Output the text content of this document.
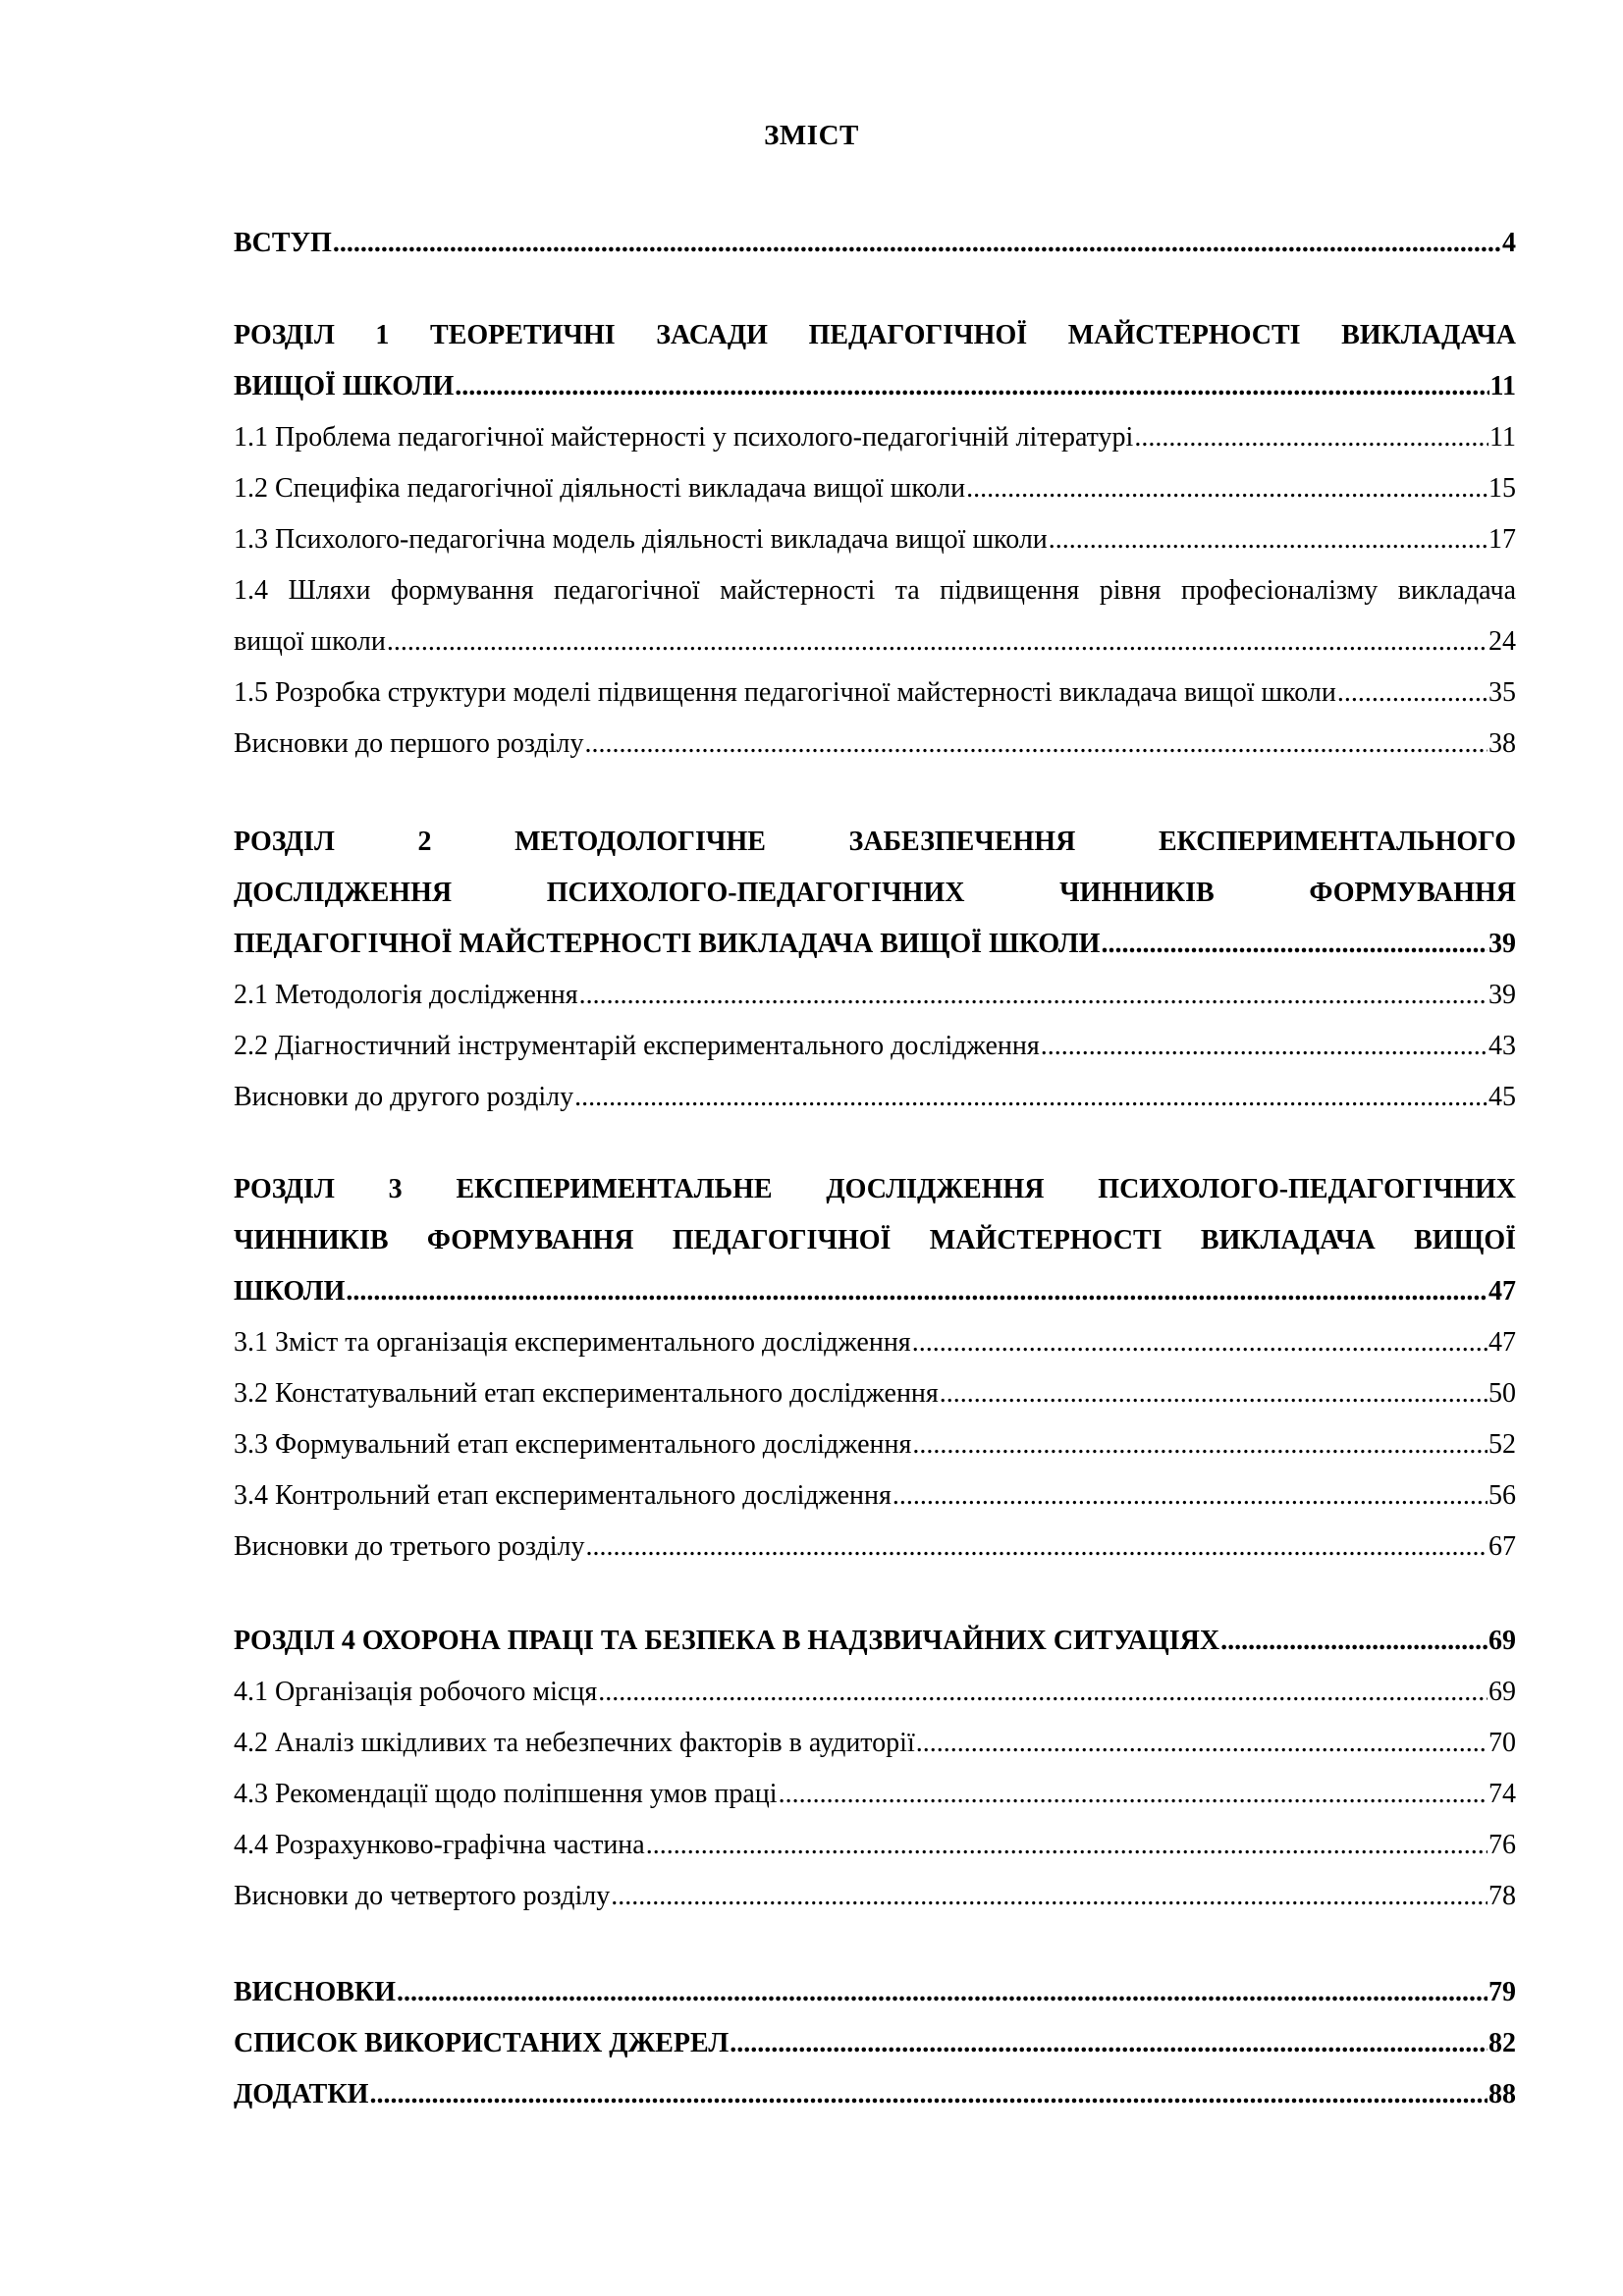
ЗМІСТ
ВСТУП .....	4
РОЗДІЛ 1 ТЕОРЕТИЧНІ ЗАСАДИ ПЕДАГОГІЧНОЇ МАЙСТЕРНОСТІ ВИКЛАДАЧА
ВИЩОЇ ШКОЛИ .....	11
1.1 Проблема педагогічної майстерності у психолого-педагогічній літературі .....	11
1.2 Специфіка педагогічної діяльності викладача вищої школи .....	15
1.3 Психолого-педагогічна модель діяльності викладача вищої школи .....	17
1.4 Шляхи формування педагогічної майстерності та підвищення рівня професіоналізму викладача
вищої школи .....	24
1.5 Розробка структури моделі підвищення педагогічної майстерності викладача вищої школи .....	35
Висновки до першого розділу .....	38
РОЗДІЛ 2 МЕТОДОЛОГІЧНЕ ЗАБЕЗПЕЧЕННЯ ЕКСПЕРИМЕНТАЛЬНОГО
ДОСЛІДЖЕННЯ ПСИХОЛОГО-ПЕДАГОГІЧНИХ ЧИННИКІВ ФОРМУВАННЯ
ПЕДАГОГІЧНОЇ МАЙСТЕРНОСТІ ВИКЛАДАЧА ВИЩОЇ ШКОЛИ .....	39
2.1 Методологія дослідження .....	39
2.2 Діагностичний інструментарій експериментального дослідження .....	43
Висновки до другого розділу .....	45
РОЗДІЛ 3 ЕКСПЕРИМЕНТАЛЬНЕ ДОСЛІДЖЕННЯ ПСИХОЛОГО-ПЕДАГОГІЧНИХ
ЧИННИКІВ ФОРМУВАННЯ ПЕДАГОГІЧНОЇ МАЙСТЕРНОСТІ ВИКЛАДАЧА ВИЩОЇ
ШКОЛИ .....	47
3.1 Зміст та організація експериментального дослідження .....	47
3.2 Констатувальний етап експериментального дослідження .....	50
3.3 Формувальний етап експериментального дослідження .....	52
3.4 Контрольний етап експериментального дослідження .....	56
Висновки до третього розділу .....	67
РОЗДІЛ 4 ОХОРОНА ПРАЦІ ТА БЕЗПЕКА В НАДЗВИЧАЙНИХ СИТУАЦІЯХ .....	69
4.1 Організація робочого місця .....	69
4.2 Аналіз шкідливих та небезпечних факторів в аудиторії .....	70
4.3 Рекомендації щодо поліпшення умов праці .....	74
4.4 Розрахунково-графічна частина .....	76
Висновки до четвертого розділу .....	78
ВИСНОВКИ .....	79
СПИСОК ВИКОРИСТАНИХ ДЖЕРЕЛ .....	82
ДОДАТКИ .....	88
